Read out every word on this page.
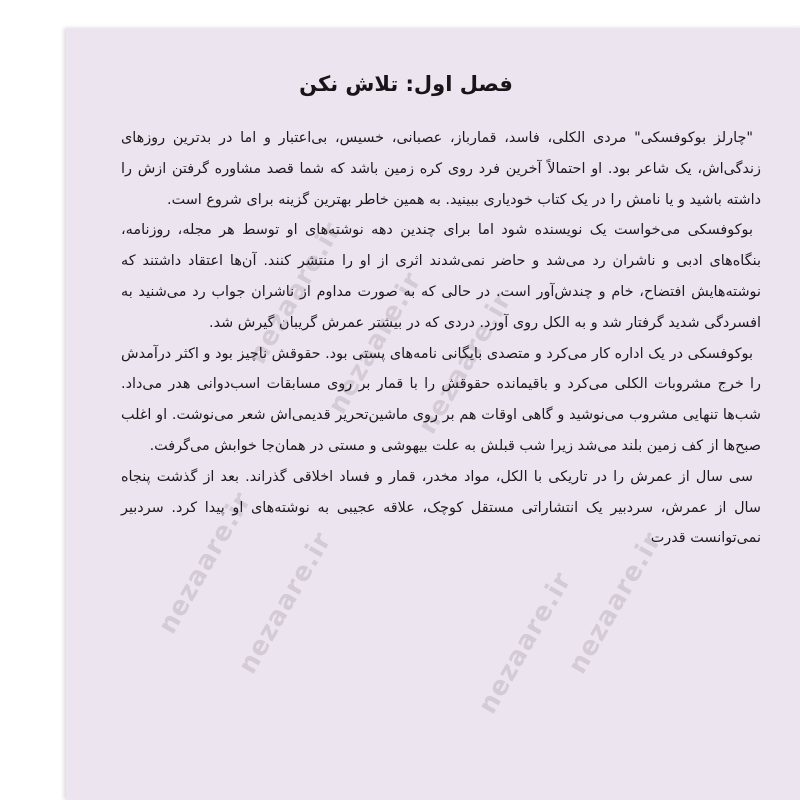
nezaare.ir
nezaare.ir
nezaare.ir
nezaare.ir
nezaare.ir	nezaare.ir
nezaare.ir
فصل اول: تلاش نکن

"چارلز بوکوفسکی" مردی الکلی، فاسد، قمارباز، عصبانی، خسیس، بی‌اعتبار و اما در بدترین روزهای زندگی‌اش، یک شاعر بود. او احتمالاً آخرین فرد روی کره زمین باشد که شما قصد مشاوره گرفتن ازش را داشته باشید و یا نامش را در یک کتاب خودیاری ببینید. به همین خاطر بهترین گزینه برای شروع است.

بوکوفسکی می‌خواست یک نویسنده شود اما برای چندین دهه نوشته‌های او توسط هر مجله، روزنامه، بنگاه‌های ادبی و ناشران رد می‌شد و حاضر نمی‌شدند اثری از او را منتشر کنند. آن‌ها اعتقاد داشتند که نوشته‌هایش افتضاح، خام و چندش‌آور است. در حالی که به صورت مداوم از ناشران جواب رد می‌شنید به افسردگی شدید گرفتار شد و به الکل روی آورد. دردی که در بیشتر عمرش گریبان گیرش شد.

بوکوفسکی در یک اداره کار می‌کرد و متصدی بایگانی نامه‌های پستی بود. حقوقش ناچیز بود و اکثر درآمدش را خرج مشروبات الکلی می‌کرد و باقیمانده حقوقش را با قمار بر روی مسابقات اسب‌دوانی هدر می‌داد. شب‌ها تنهایی مشروب می‌نوشید و گاهی اوقات هم بر روی ماشین‌تحریر قدیمی‌اش شعر می‌نوشت. او اغلب صبح‌ها از کف زمین بلند می‌شد زیرا شب قبلش به علت بیهوشی و مستی در همان‌جا خوابش می‌گرفت.

سی سال از عمرش را در تاریکی با الکل، مواد مخدر، قمار و فساد اخلاقی گذراند. بعد از گذشت پنجاه سال از عمرش، سردبیر یک انتشاراتی مستقل کوچک، علاقه عجیبی به نوشته‌های او پیدا کرد. سردبیر نمی‌توانست قدرت
